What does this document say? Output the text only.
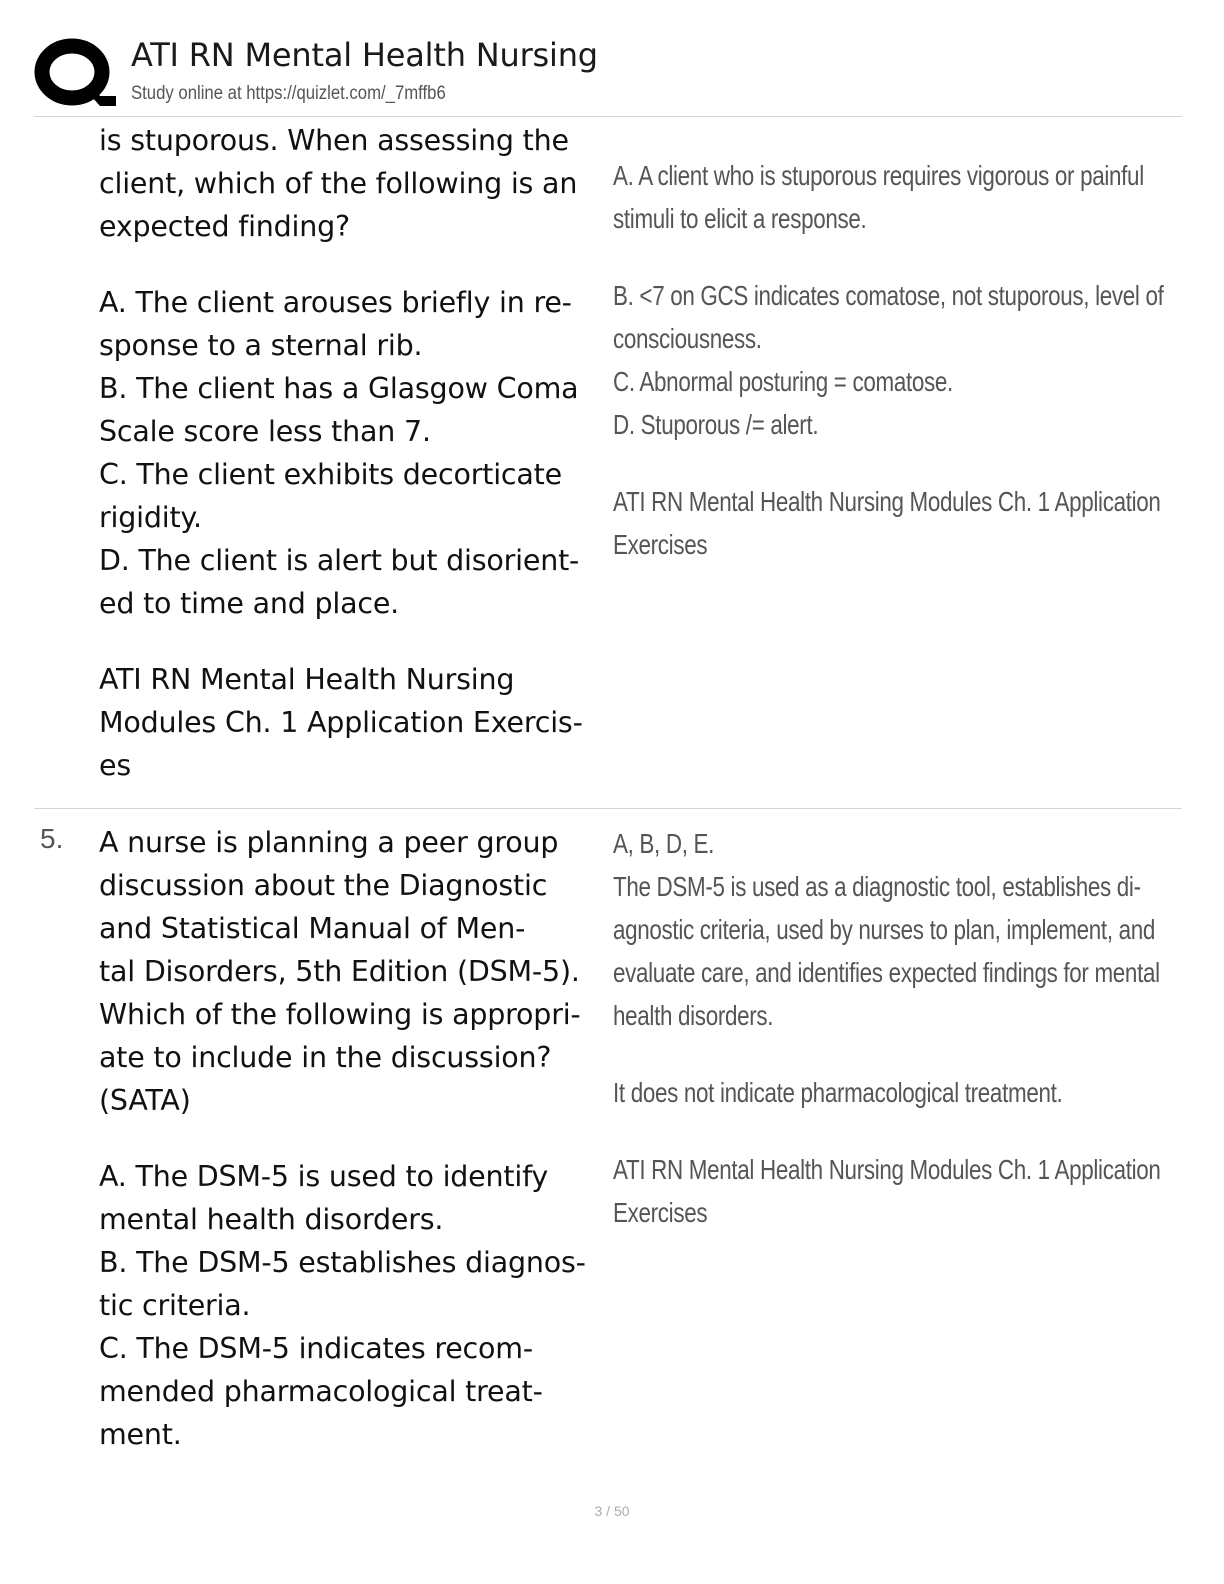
ATI RN Mental Health Nursing
Study online at https://quizlet.com/_7mffb6

is stuporous. When assessing the

client, which of the following is an

expected finding?

A. The client arouses briefly in re-

sponse to a sternal rib.

B. The client has a Glasgow Coma

Scale score less than 7.

C. The client exhibits decorticate

rigidity.

D. The client is alert but disorient-

ed to time and place.

ATI RN Mental Health Nursing

Modules Ch. 1 Application Exercis-

es

A. A client who is stuporous requires vigorous or painful

stimuli to elicit a response.

B. <7 on GCS indicates comatose, not stuporous, level of

consciousness.

C. Abnormal posturing = comatose.

D. Stuporous /= alert.

ATI RN Mental Health Nursing Modules Ch. 1 Application

Exercises

5. A nurse is planning a peer group

discussion about the Diagnostic

and Statistical Manual of Men-

tal Disorders, 5th Edition (DSM-5).

Which of the following is appropri-

ate to include in the discussion?

(SATA)

A. The DSM-5 is used to identify

mental health disorders.

B. The DSM-5 establishes diagnos-

tic criteria.

C. The DSM-5 indicates recom-

mended pharmacological treat-

ment.

A, B, D, E.

The DSM-5 is used as a diagnostic tool, establishes di-

agnostic criteria, used by nurses to plan, implement, and

evaluate care, and identifies expected findings for mental

health disorders.

It does not indicate pharmacological treatment.

ATI RN Mental Health Nursing Modules Ch. 1 Application

Exercises

3 / 50
